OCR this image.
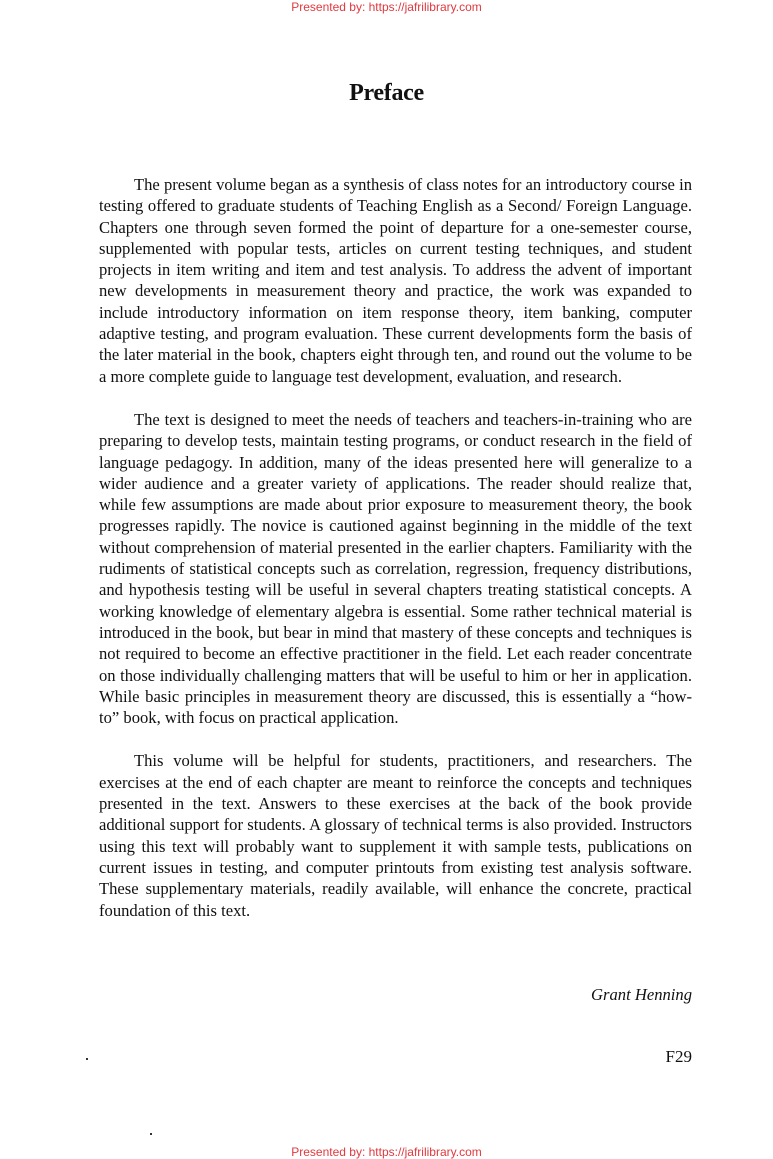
Presented by: https://jafrilibrary.com
Preface

The present volume began as a synthesis of class notes for an introductory course in testing offered to graduate students of Teaching English as a Second/ Foreign Language. Chapters one through seven formed the point of departure for a one-semester course, supplemented with popular tests, articles on current testing techniques, and student projects in item writing and item and test analysis. To address the advent of important new developments in measurement theory and practice, the work was expanded to include introductory information on item response theory, item banking, computer adaptive testing, and program evaluation. These current developments form the basis of the later material in the book, chapters eight through ten, and round out the volume to be a more complete guide to language test development, evaluation, and research.

The text is designed to meet the needs of teachers and teachers-in-training who are preparing to develop tests, maintain testing programs, or conduct research in the field of language pedagogy. In addition, many of the ideas presented here will generalize to a wider audience and a greater variety of applications. The reader should realize that, while few assumptions are made about prior exposure to measurement theory, the book progresses rapidly. The novice is cautioned against beginning in the middle of the text without comprehension of material presented in the earlier chapters. Familiarity with the rudiments of statistical concepts such as correlation, regression, frequency distributions, and hypothesis testing will be useful in several chapters treating statistical concepts. A working knowledge of elementary algebra is essential. Some rather technical material is introduced in the book, but bear in mind that mastery of these concepts and techniques is not required to become an effective practitioner in the field. Let each reader concentrate on those individually challenging matters that will be useful to him or her in application. While basic principles in measurement theory are discussed, this is essentially a “how-to” book, with focus on practical application.

This volume will be helpful for students, practitioners, and researchers. The exercises at the end of each chapter are meant to reinforce the concepts and techniques presented in the text. Answers to these exercises at the back of the book provide additional support for students. A glossary of technical terms is also provided. Instructors using this text will probably want to supplement it with sample tests, publications on current issues in testing, and computer printouts from existing test analysis software. These supplementary materials, readily available, will enhance the concrete, practical foundation of this text.

Grant Henning
F29
Presented by: https://jafrilibrary.com
